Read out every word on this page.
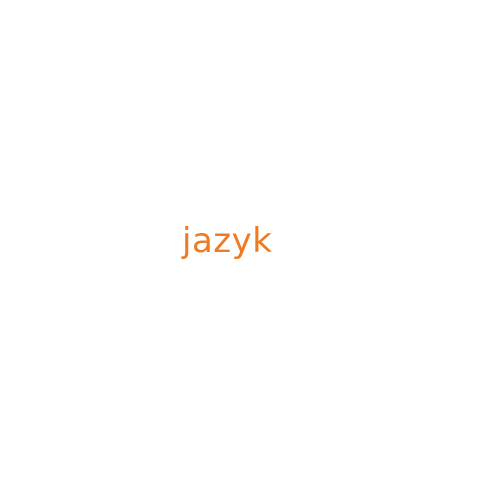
jazyk
